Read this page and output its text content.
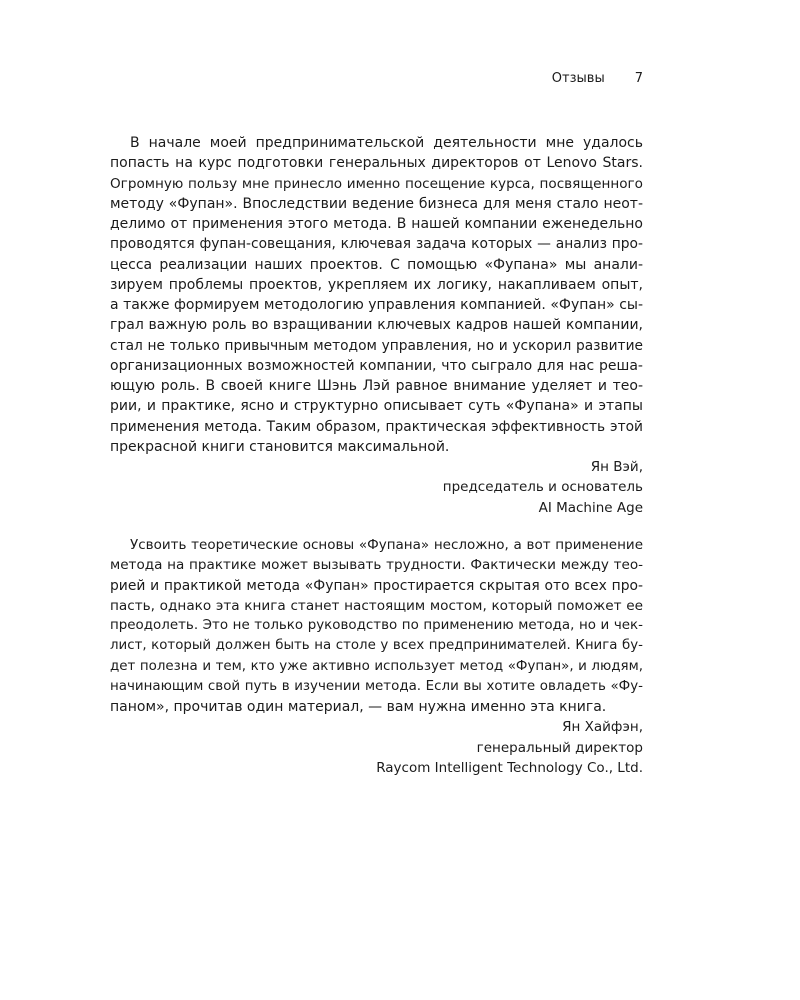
Отзывы 7

В начале моей предпринимательской деятельности мне удалось
попасть на курс подготовки генеральных директоров от Lenovo Stars.
Огромную пользу мне принесло именно посещение курса, посвященного
методу «Фупан». Впоследствии ведение бизнеса для меня стало неот-
делимо от применения этого метода. В нашей компании еженедельно
проводятся фупан-совещания, ключевая задача которых — анализ про-
цесса реализации наших проектов. С помощью «Фупана» мы анали-
зируем проблемы проектов, укрепляем их логику, накапливаем опыт,
а также формируем методологию управления компанией. «Фупан» сы-
грал важную роль во взращивании ключевых кадров нашей компании,
стал не только привычным методом управления, но и ускорил развитие
организационных возможностей компании, что сыграло для нас реша-
ющую роль. В своей книге Шэнь Лэй равное внимание уделяет и тео-
рии, и практике, ясно и структурно описывает суть «Фупана» и этапы
применения метода. Таким образом, практическая эффективность этой
прекрасной книги становится максимальной.

Ян Вэй,
председатель и основатель
AI Machine Age

Усвоить теоретические основы «Фупана» несложно, а вот применение
метода на практике может вызывать трудности. Фактически между тео-
рией и практикой метода «Фупан» простирается скрытая ото всех про-
пасть, однако эта книга станет настоящим мостом, который поможет ее
преодолеть. Это не только руководство по применению метода, но и чек-
лист, который должен быть на столе у всех предпринимателей. Книга бу-
дет полезна и тем, кто уже активно использует метод «Фупан», и людям,
начинающим свой путь в изучении метода. Если вы хотите овладеть «Фу-
паном», прочитав один материал, — вам нужна именно эта книга.

Ян Хайфэн,
генеральный директор
Raycom Intelligent Technology Co., Ltd.
